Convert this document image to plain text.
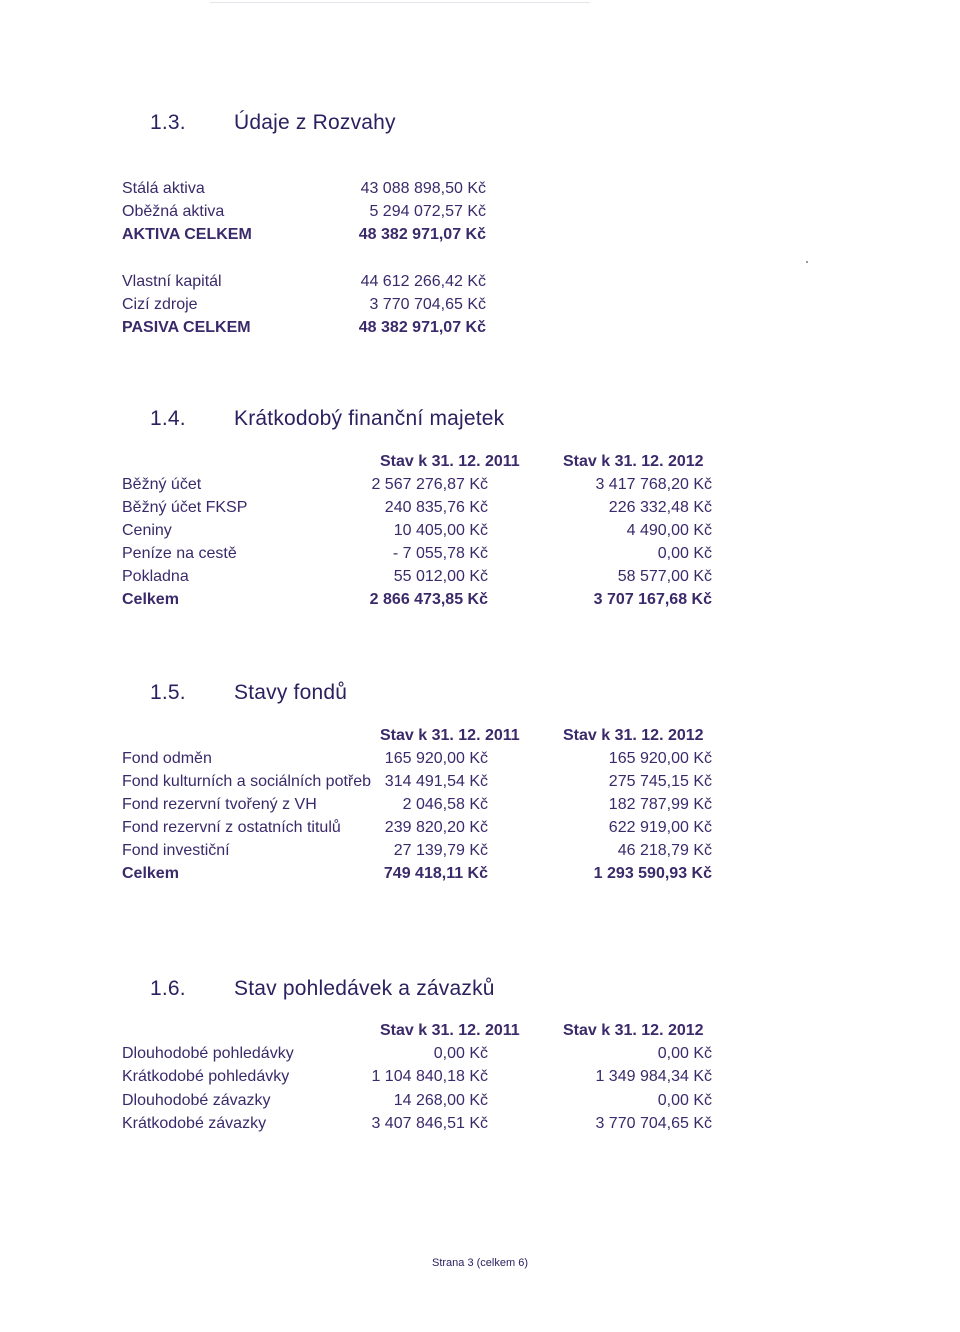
1.3. Údaje z Rozvahy
Stálá aktiva	43 088 898,50 Kč
Oběžná aktiva	5 294 072,57 Kč
AKTIVA CELKEM	48 382 971,07 Kč
Vlastní kapitál	44 612 266,42 Kč
Cizí zdroje	3 770 704,65 Kč
PASIVA CELKEM	48 382 971,07 Kč
1.4. Krátkodobý finanční majetek
Stav k 31. 12. 2011	Stav k 31. 12. 2012
Běžný účet	2 567 276,87 Kč	3 417 768,20 Kč
Běžný účet FKSP	240 835,76 Kč	226 332,48 Kč
Ceniny	10 405,00 Kč	4 490,00 Kč
Peníze na cestě	- 7 055,78 Kč	0,00 Kč
Pokladna	55 012,00 Kč	58 577,00 Kč
Celkem	2 866 473,85 Kč	3 707 167,68 Kč
1.5. Stavy fondů
Stav k 31. 12. 2011	Stav k 31. 12. 2012
Fond odměn	165 920,00 Kč	165 920,00 Kč
Fond kulturních a sociálních potřeb 314 491,54 Kč	275 745,15 Kč
Fond rezervní tvořený z VH	2 046,58 Kč	182 787,99 Kč
Fond rezervní z ostatních titulů	239 820,20 Kč	622 919,00 Kč
Fond investiční	27 139,79 Kč	46 218,79 Kč
Celkem	749 418,11 Kč	1 293 590,93 Kč
1.6. Stav pohledávek a závazků
Stav k 31. 12. 2011	Stav k 31. 12. 2012
Dlouhodobé pohledávky	0,00 Kč	0,00 Kč
Krátkodobé pohledávky	1 104 840,18 Kč	1 349 984,34 Kč
Dlouhodobé závazky	14 268,00 Kč	0,00 Kč
Krátkodobé závazky	3 407 846,51 Kč	3 770 704,65 Kč
Strana 3 (celkem 6)
